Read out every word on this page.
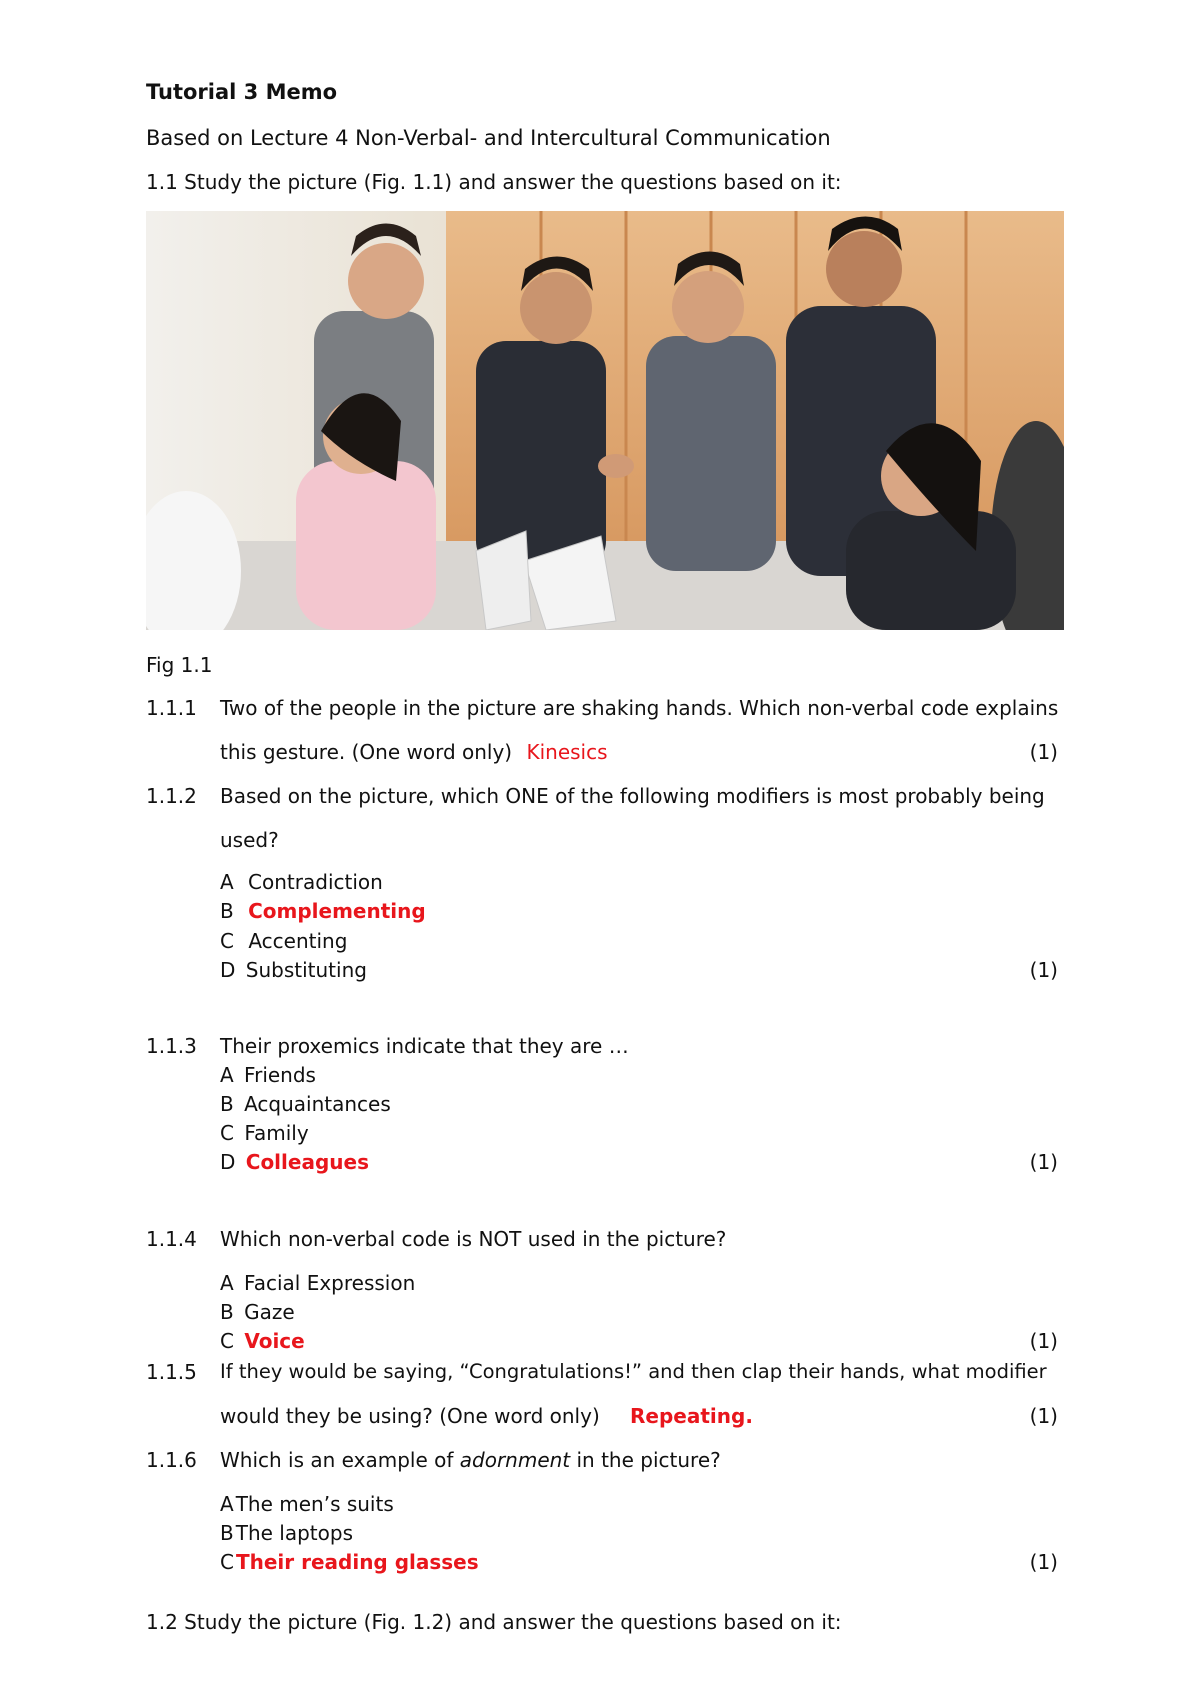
Tutorial 3 Memo
Based on Lecture 4 Non-Verbal- and Intercultural Communication
1.1 Study the picture (Fig. 1.1) and answer the questions based on it:
Fig 1.1
1.1.1 Two of the people in the picture are shaking hands. Which non-verbal code explains
this gesture. (One word only) Kinesics	(1)
1.1.2 Based on the picture, which ONE of the following modifiers is most probably being
used?
A Contradiction
B Complementing
C Accenting
D Substituting	(1)
1.1.3 Their proxemics indicate that they are …
A Friends
B Acquaintances
C Family
D Colleagues	(1)
1.1.4 Which non-verbal code is NOT used in the picture?
A Facial Expression
B Gaze
C Voice	(1)
1.1.5 If they would be saying, “Congratulations!” and then clap their hands, what modifier
would they be using? (One word only) Repeating.	(1)
1.1.6 Which is an example of adornment in the picture?
A The men’s suits
B The laptops
C Their reading glasses	(1)
1.2 Study the picture (Fig. 1.2) and answer the questions based on it:
